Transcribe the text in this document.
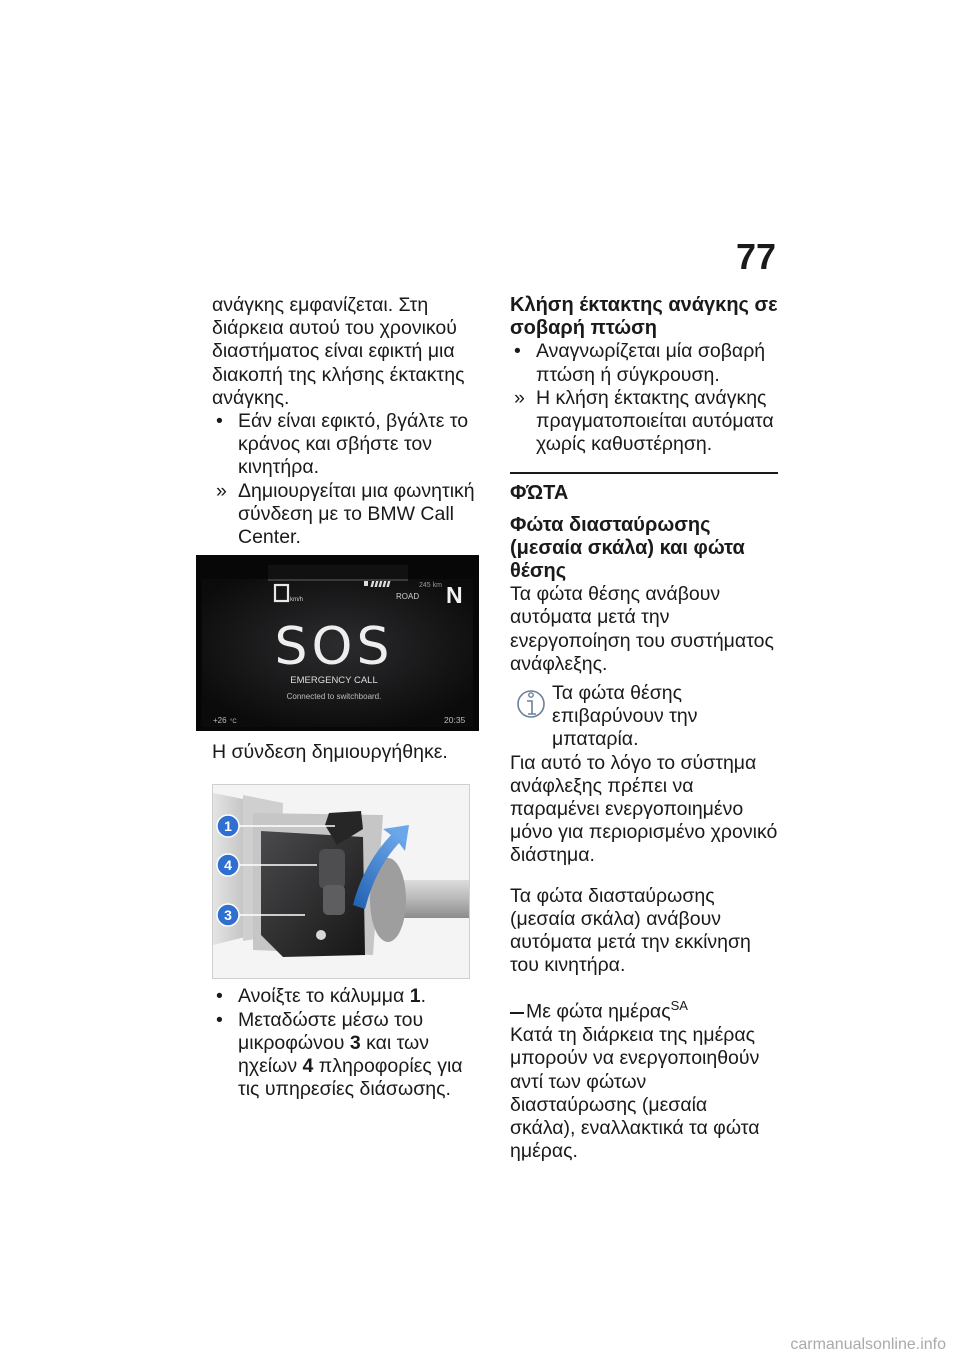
77

ανάγκης εμφανίζεται. Στη διάρκεια αυτού του χρονικού διαστήματος είναι εφικτή μια διακοπή της κλήσης έκτακτης ανάγκης.

• Εάν είναι εφικτό, βγάλτε το κράνος και σβήστε τον κινητήρα.

» Δημιουργείται μια φωνητική σύνδεση με το BMW Call Center.

km/h
245 km
ROAD N
SOS
EMERGENCY CALL
Connected to switchboard.
+26 °C	20:35

Η σύνδεση δημιουργήθηκε.

1
4
3

• Ανοίξτε το κάλυμμα 1.

• Μεταδώστε μέσω του μικροφώνου 3 και των ηχείων 4 πληροφορίες για τις υπηρεσίες διάσωσης.

Κλήση έκτακτης ανάγκης σε σοβαρή πτώση

• Αναγνωρίζεται μία σοβαρή πτώση ή σύγκρουση.

» Η κλήση έκτακτης ανάγκης πραγματοποιείται αυτόματα χωρίς καθυστέρηση.

ΦΏΤΑ
Φώτα διασταύρωσης (μεσαία σκάλα) και φώτα θέσης

Τα φώτα θέσης ανάβουν αυτόματα μετά την ενεργοποίηση του συστήματος ανάφλεξης.

Τα φώτα θέσης επιβαρύνουν την μπαταρία.

Για αυτό το λόγο το σύστημα ανάφλεξης πρέπει να παραμένει ενεργοποιημένο μόνο για περιορισμένο χρονικό διάστημα.

Τα φώτα διασταύρωσης (μεσαία σκάλα) ανάβουν αυτόματα μετά την εκκίνηση του κινητήρα.

Με φώτα ημέρας$^{SA}$

Κατά τη διάρκεια της ημέρας μπορούν να ενεργοποιηθούν αντί των φώτων διασταύρωσης (μεσαία σκάλα), εναλλακτικά τα φώτα ημέρας.

carmanualsonline.info
